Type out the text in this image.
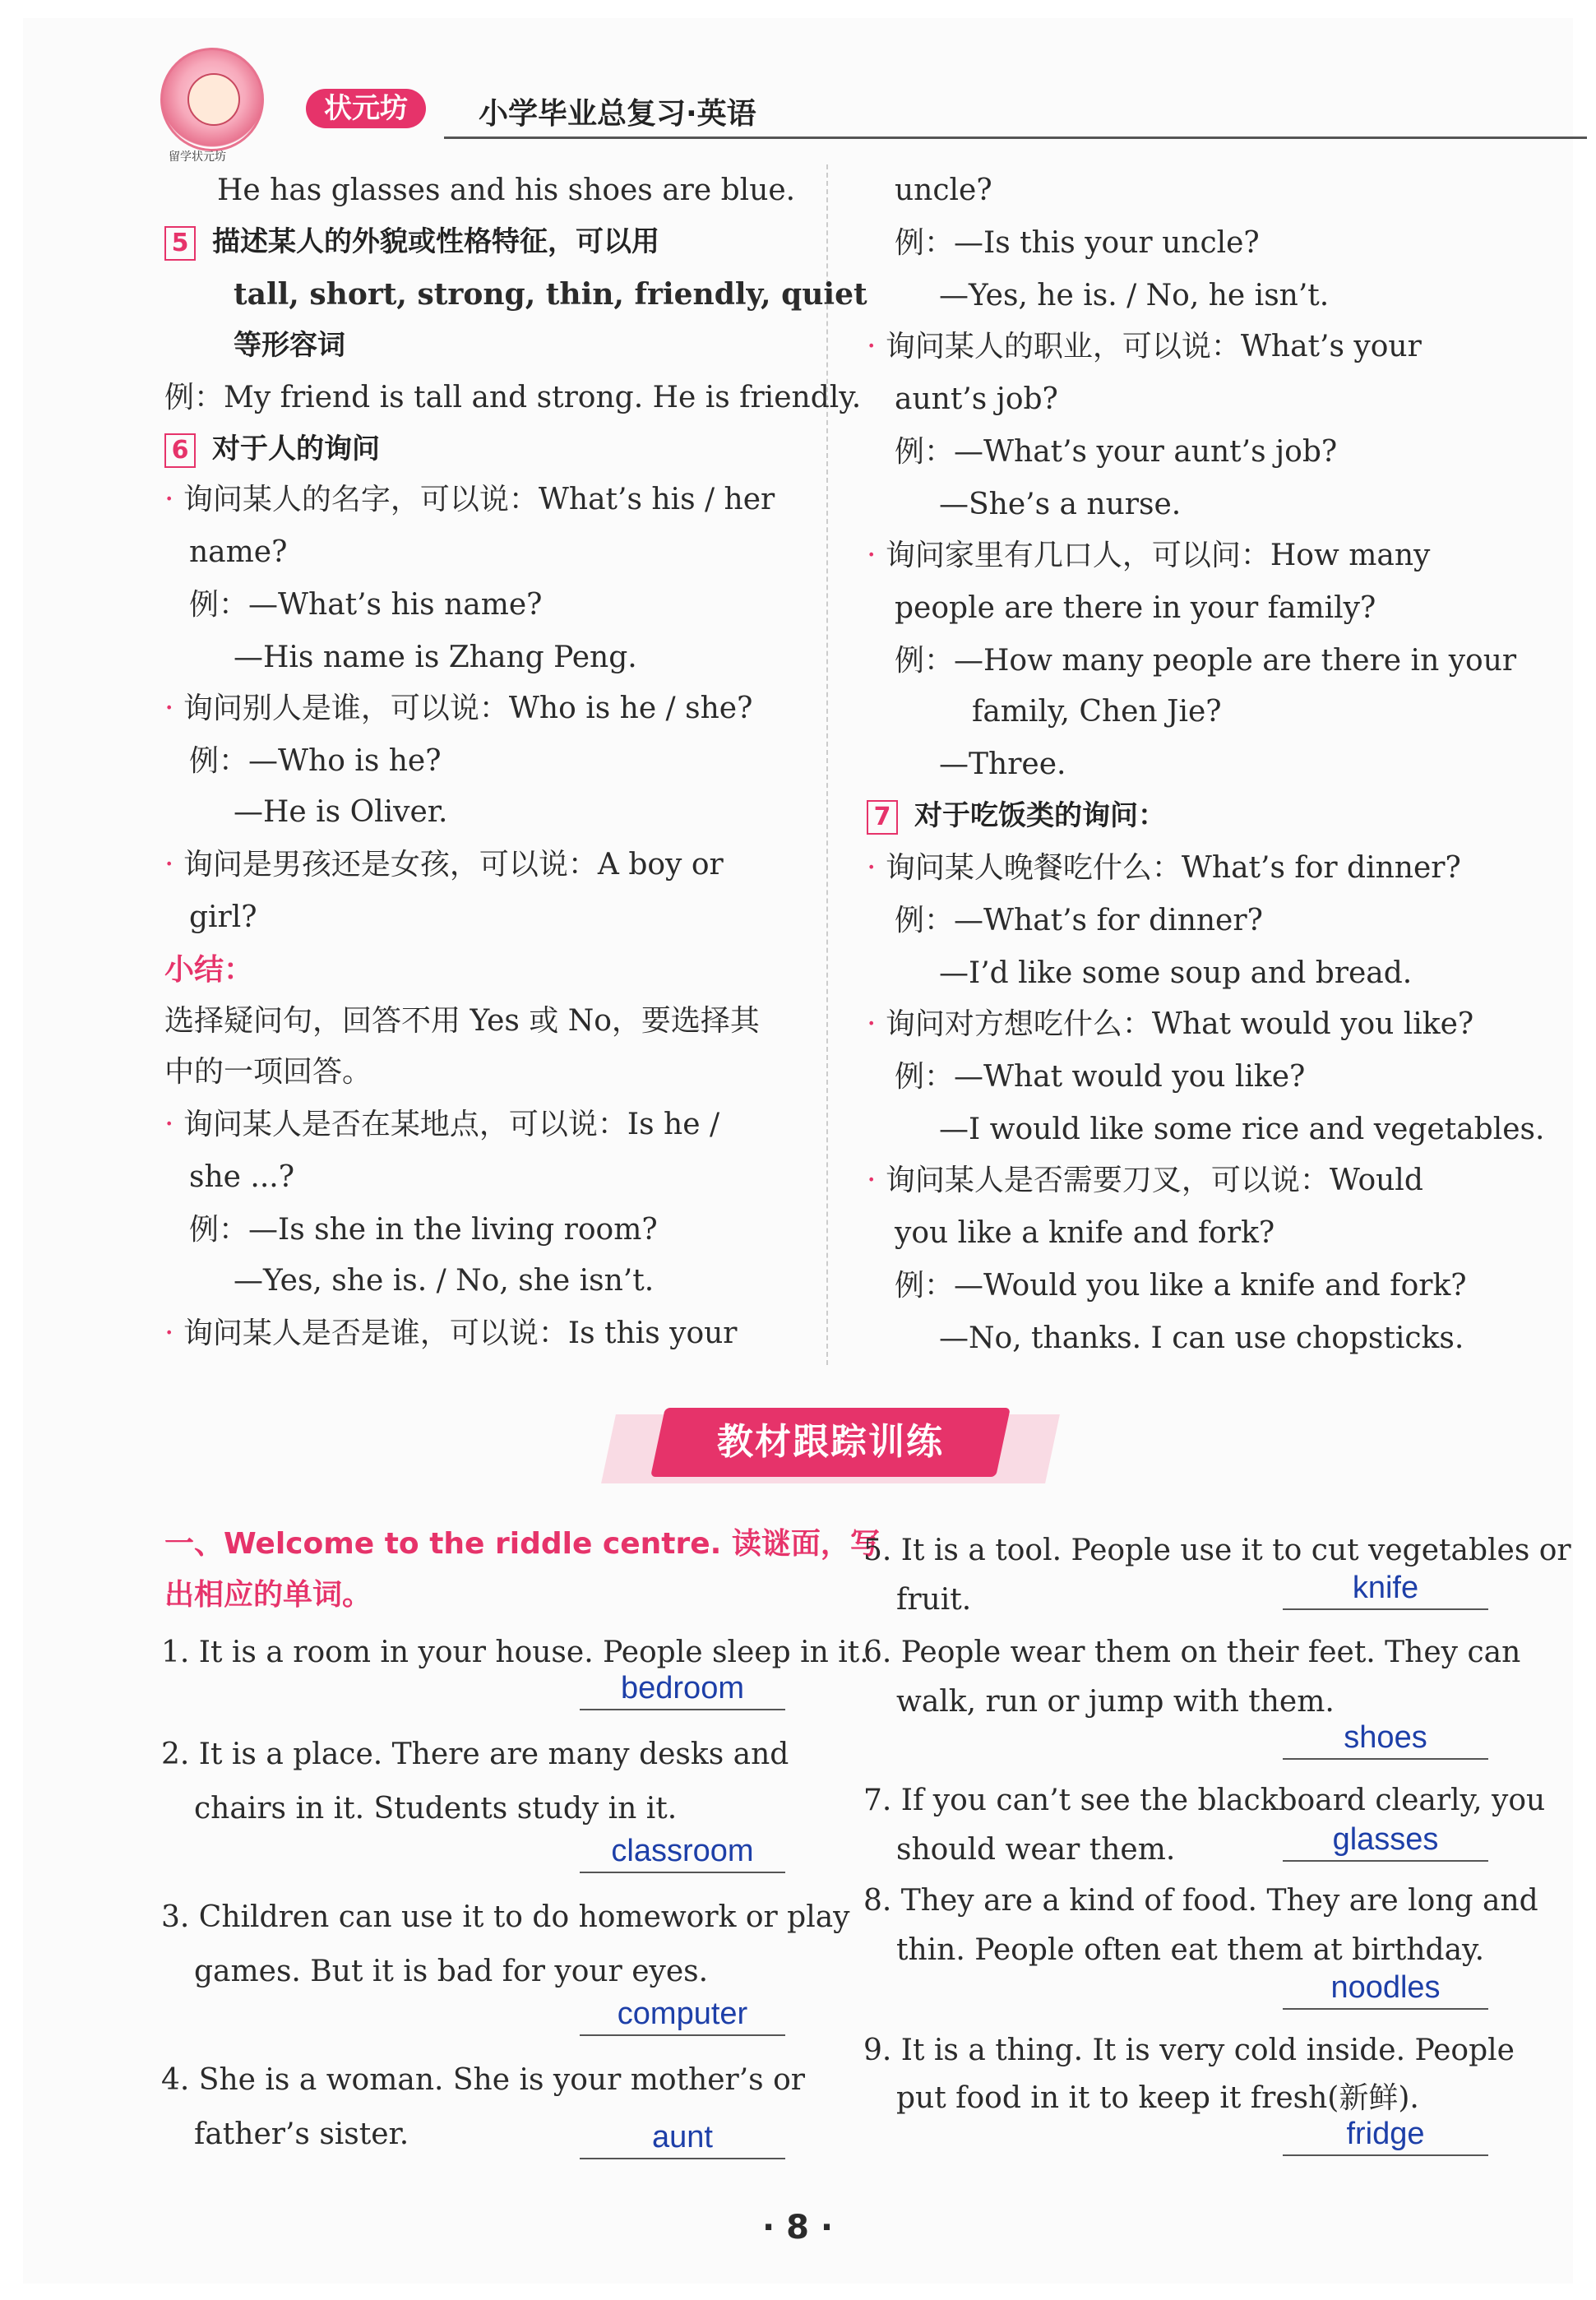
留学状元坊
状元坊	小学毕业总复习·英语
He has glasses and his shoes are blue.
5 描述某人的外貌或性格特征，可以用
tall, short, strong, thin, friendly, quiet
等形容词
例：My friend is tall and strong. He is friendly.
6 对于人的询问
· 询问某人的名字，可以说：What’s his / her
name?
例：—What’s his name?
—His name is Zhang Peng.
· 询问别人是谁，可以说：Who is he / she?
例：—Who is he?
—He is Oliver.
· 询问是男孩还是女孩，可以说：A boy or
girl?
小结：
选择疑问句，回答不用 Yes 或 No，要选择其
中的一项回答。
· 询问某人是否在某地点，可以说：Is he /
she ...?
例：—Is she in the living room?
—Yes, she is. / No, she isn’t.
· 询问某人是否是谁，可以说：Is this your
uncle?
例：—Is this your uncle?
—Yes, he is. / No, he isn’t.
· 询问某人的职业，可以说：What’s your
aunt’s job?
例：—What’s your aunt’s job?
—She’s a nurse.
· 询问家里有几口人，可以问：How many
people are there in your family?
例：—How many people are there in your
family, Chen Jie?
—Three.
7 对于吃饭类的询问：
· 询问某人晚餐吃什么：What’s for dinner?
例：—What’s for dinner?
—I’d like some soup and bread.
· 询问对方想吃什么：What would you like?
例：—What would you like?
—I would like some rice and vegetables.
· 询问某人是否需要刀叉，可以说：Would
you like a knife and fork?
例：—Would you like a knife and fork?
—No, thanks. I can use chopsticks.
教材跟踪训练
一、Welcome to the riddle centre. 读谜面，写
出相应的单词。
1. It is a room in your house. People sleep in it.
bedroom
2. It is a place. There are many desks and
chairs in it. Students study in it.
classroom
3. Children can use it to do homework or play
games. But it is bad for your eyes.
computer
4. She is a woman. She is your mother’s or
father’s sister.	aunt
5. It is a tool. People use it to cut vegetables or
fruit.	knife
6. People wear them on their feet. They can
walk, run or jump with them.
shoes
7. If you can’t see the blackboard clearly, you
should wear them.	glasses
8. They are a kind of food. They are long and
thin. People often eat them at birthday.
noodles
9. It is a thing. It is very cold inside. People
put food in it to keep it fresh(新鲜).
fridge
· 8 ·
